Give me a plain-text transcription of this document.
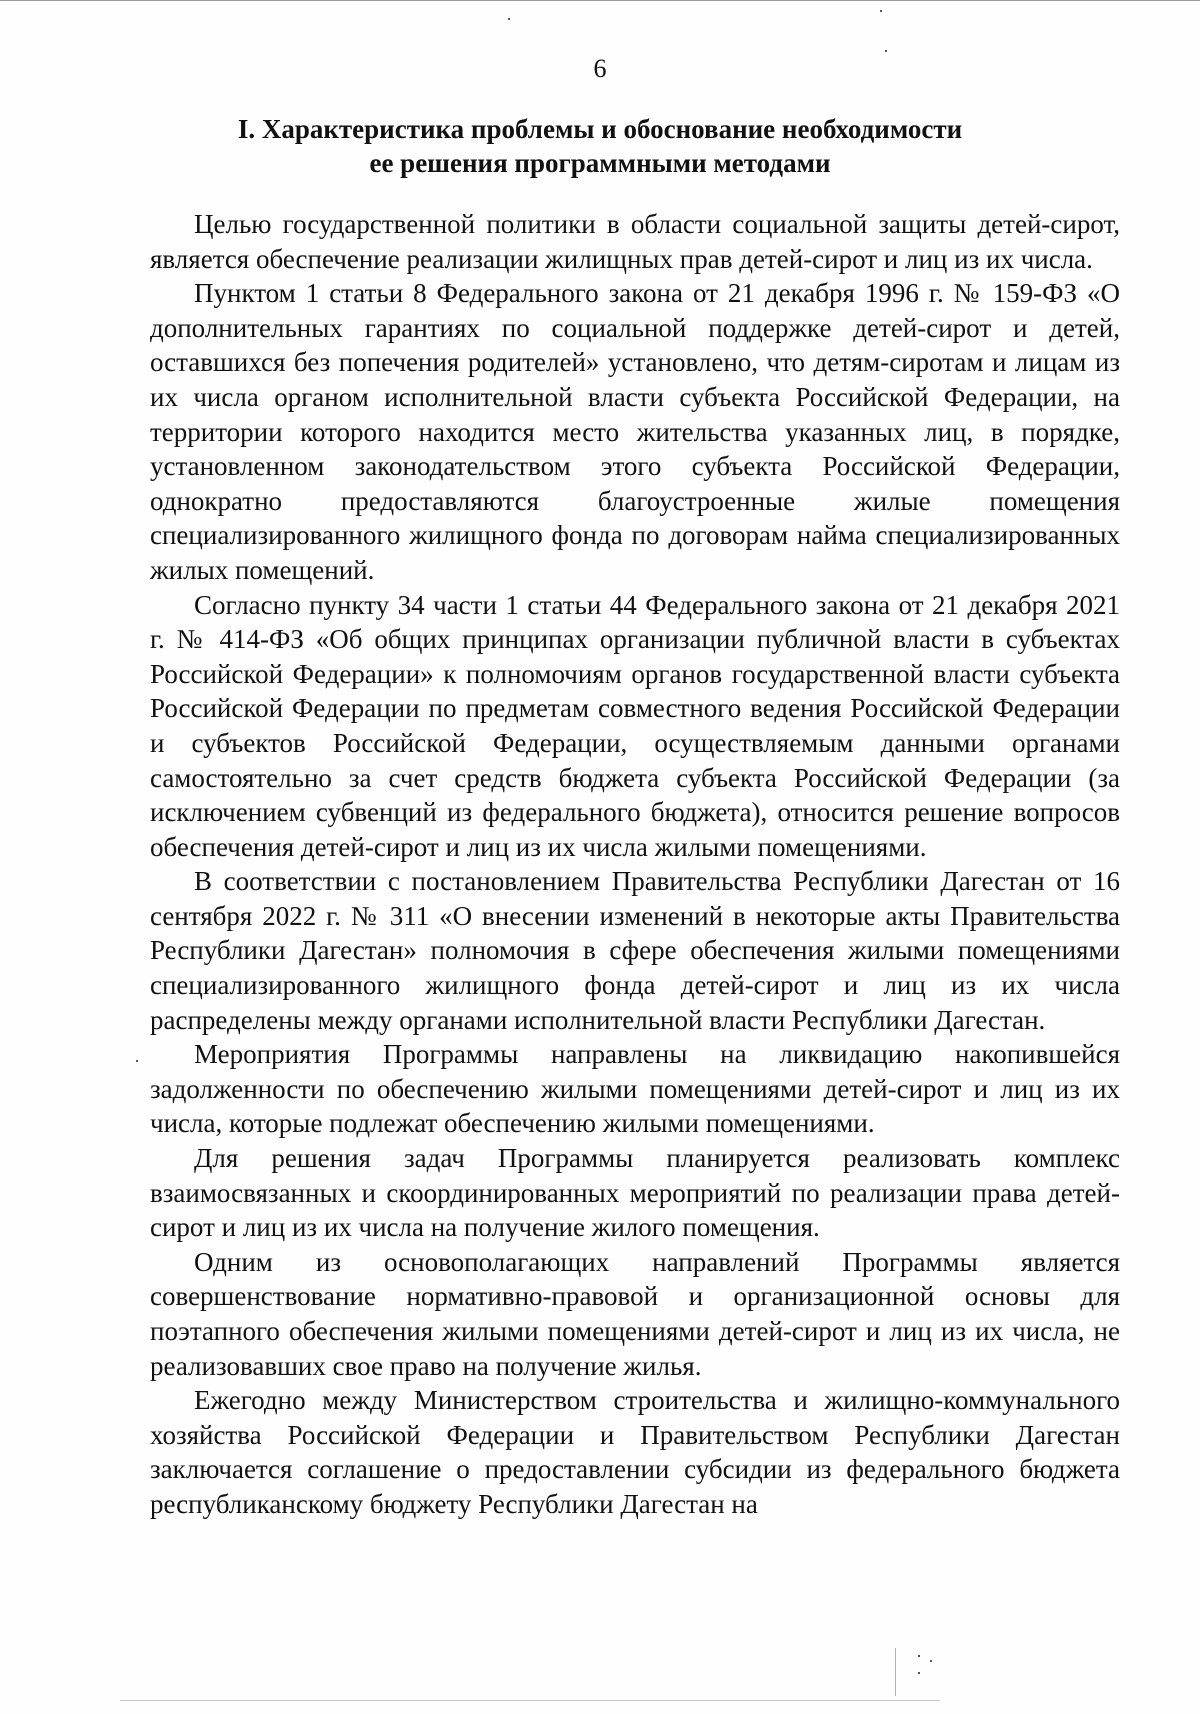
6
I. Характеристика проблемы и обоснование необходимости
ее решения программными методами

Целью государственной политики в области социальной защиты детей-сирот, является обеспечение реализации жилищных прав детей-сирот и лиц из их числа.

Пунктом 1 статьи 8 Федерального закона от 21 декабря 1996 г. № 159-ФЗ «О дополнительных гарантиях по социальной поддержке детей-сирот и детей, оставшихся без попечения родителей» установлено, что детям-сиротам и лицам из их числа органом исполнительной власти субъекта Российской Федерации, на территории которого находится место жительства указанных лиц, в порядке, установленном законодательством этого субъекта Российской Федерации, однократно предоставляются благоустроенные жилые помещения специализированного жилищного фонда по договорам найма специализированных жилых помещений.

Согласно пункту 34 части 1 статьи 44 Федерального закона от 21 декабря 2021 г. № 414-ФЗ «Об общих принципах организации публичной власти в субъектах Российской Федерации» к полномочиям органов государственной власти субъекта Российской Федерации по предметам совместного ведения Российской Федерации и субъектов Российской Федерации, осуществляемым данными органами самостоятельно за счет средств бюджета субъекта Российской Федерации (за исключением субвенций из федерального бюджета), относится решение вопросов обеспечения детей-сирот и лиц из их числа жилыми помещениями.

В соответствии с постановлением Правительства Республики Дагестан от 16 сентября 2022 г. № 311 «О внесении изменений в некоторые акты Правительства Республики Дагестан» полномочия в сфере обеспечения жилыми помещениями специализированного жилищного фонда детей-сирот и лиц из их числа распределены между органами исполнительной власти Республики Дагестан.

Мероприятия Программы направлены на ликвидацию накопившейся задолженности по обеспечению жилыми помещениями детей-сирот и лиц из их числа, которые подлежат обеспечению жилыми помещениями.

Для решения задач Программы планируется реализовать комплекс взаимосвязанных и скоординированных мероприятий по реализации права детей-сирот и лиц из их числа на получение жилого помещения.

Одним из основополагающих направлений Программы является совершенствование нормативно-правовой и организационной основы для поэтапного обеспечения жилыми помещениями детей-сирот и лиц из их числа, не реализовавших свое право на получение жилья.

Ежегодно между Министерством строительства и жилищно-коммунального хозяйства Российской Федерации и Правительством Республики Дагестан заключается соглашение о предоставлении субсидии из федерального бюджета республиканскому бюджету Республики Дагестан на
